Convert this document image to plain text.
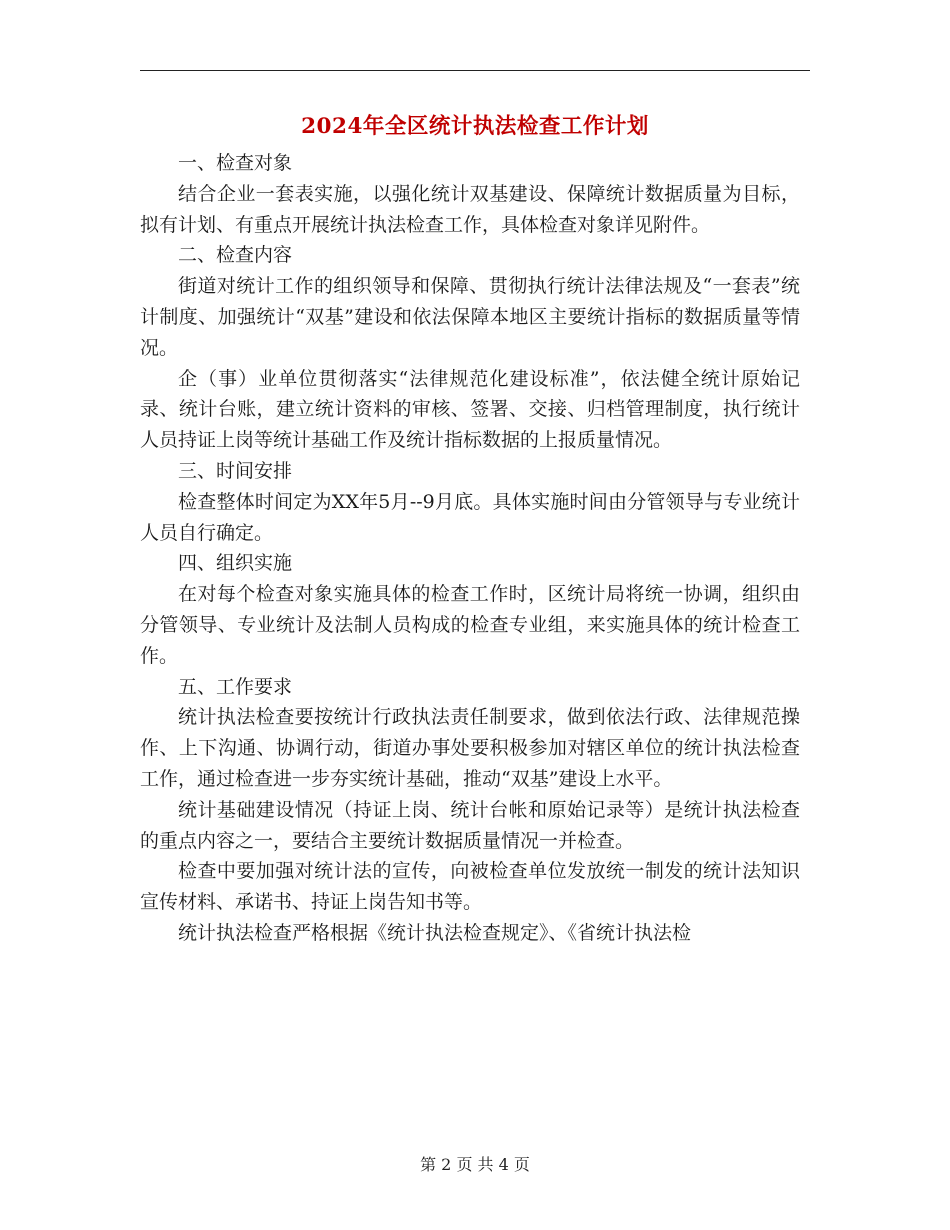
2024年全区统计执法检查工作计划

一、检查对象

结合企业一套表实施，以强化统计双基建设、保障统计数据质量为目标，拟有计划、有重点开展统计执法检查工作，具体检查对象详见附件。

二、检查内容

街道对统计工作的组织领导和保障、贯彻执行统计法律法规及“一套表”统计制度、加强统计“双基”建设和依法保障本地区主要统计指标的数据质量等情况。

企（事）业单位贯彻落实“法律规范化建设标准”，依法健全统计原始记录、统计台账，建立统计资料的审核、签署、交接、归档管理制度，执行统计人员持证上岗等统计基础工作及统计指标数据的上报质量情况。

三、时间安排

检查整体时间定为XX年5月--9月底。具体实施时间由分管领导与专业统计人员自行确定。

四、组织实施

在对每个检查对象实施具体的检查工作时，区统计局将统一协调，组织由分管领导、专业统计及法制人员构成的检查专业组，来实施具体的统计检查工作。

五、工作要求

统计执法检查要按统计行政执法责任制要求，做到依法行政、法律规范操作、上下沟通、协调行动，街道办事处要积极参加对辖区单位的统计执法检查工作，通过检查进一步夯实统计基础，推动“双基”建设上水平。

统计基础建设情况（持证上岗、统计台帐和原始记录等）是统计执法检查的重点内容之一，要结合主要统计数据质量情况一并检查。

检查中要加强对统计法的宣传，向被检查单位发放统一制发的统计法知识宣传材料、承诺书、持证上岗告知书等。

统计执法检查严格根据《统计执法检查规定》、《省统计执法检

第 2 页 共 4 页
